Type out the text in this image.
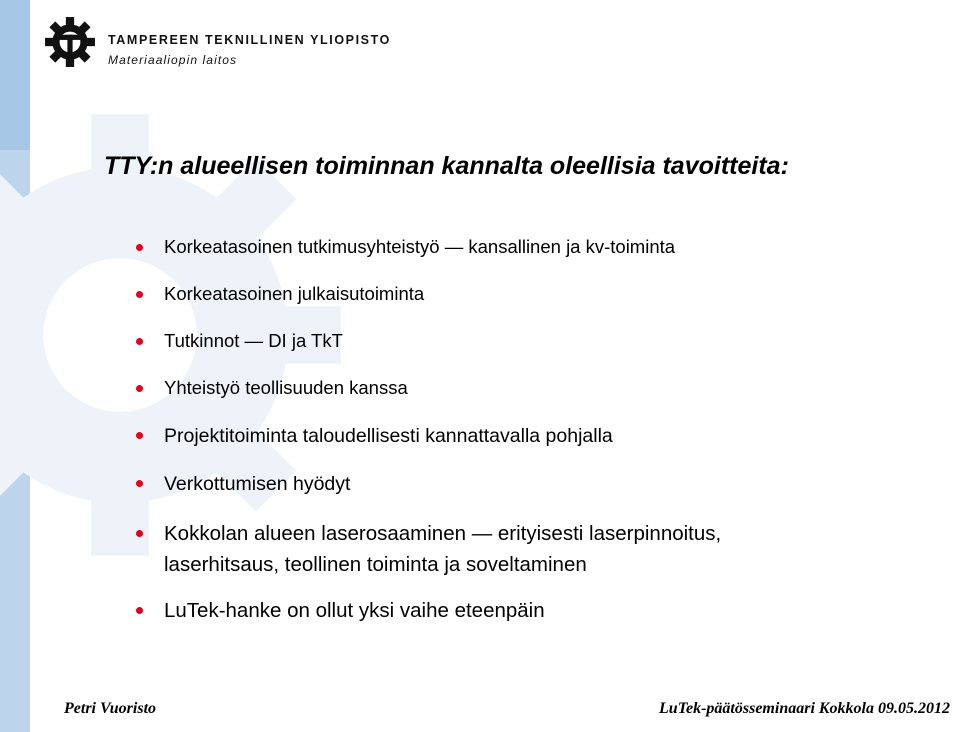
TAMPEREEN TEKNILLINEN YLIOPISTO
Materiaaliopin laitos
TTY:n alueellisen toiminnan kannalta oleellisia tavoitteita:
Korkeatasoinen tutkimusyhteistyö — kansallinen ja kv-toiminta
Korkeatasoinen julkaisutoiminta
Tutkinnot — DI ja TkT
Yhteistyö teollisuuden kanssa
Projektitoiminta taloudellisesti kannattavalla pohjalla
Verkottumisen hyödyt
Kokkolan alueen laserosaaminen — erityisesti laserpinnoitus, laserhitsaus, teollinen toiminta ja soveltaminen
LuTek-hanke on ollut yksi vaihe eteenpäin
Petri Vuoristo	LuTek-päätösseminaari Kokkola 09.05.2012
